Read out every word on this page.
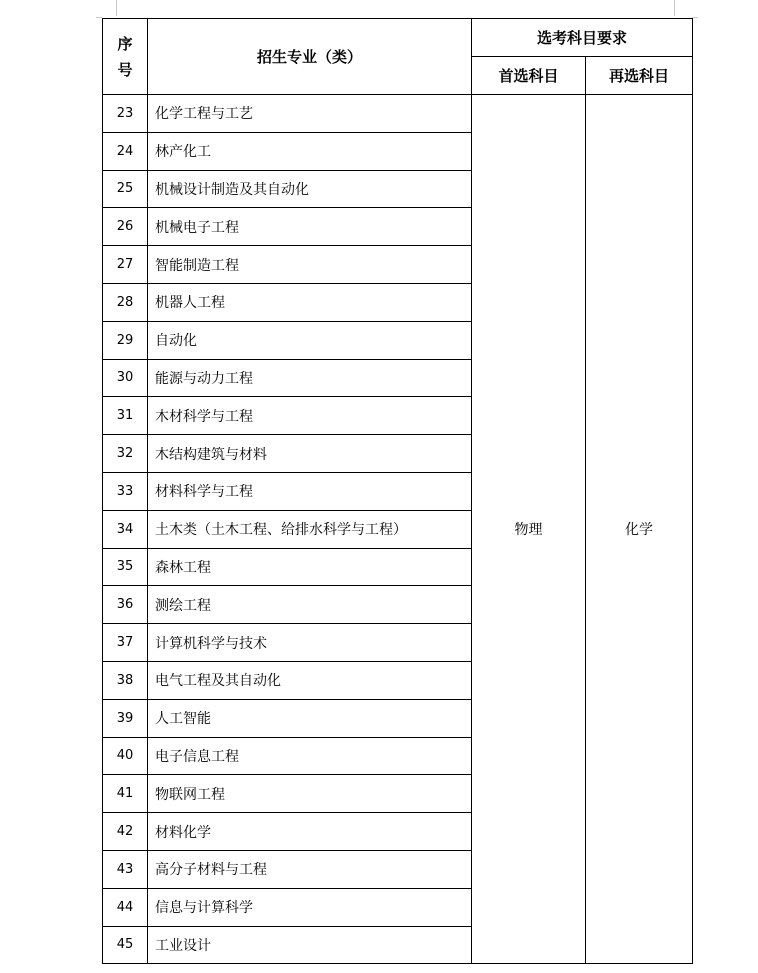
序号	招生专业（类）	选考科目要求	
		首选科目	再选科目
23	化学工程与工艺	物理	化学
24	林产化工		
25	机械设计制造及其自动化		
26	机械电子工程		
27	智能制造工程		
28	机器人工程		
29	自动化		
30	能源与动力工程		
31	木材科学与工程		
32	木结构建筑与材料		
33	材料科学与工程		
34	土木类（土木工程、给排水科学与工程）		
35	森林工程		
36	测绘工程		
37	计算机科学与技术		
38	电气工程及其自动化		
39	人工智能		
40	电子信息工程		
41	物联网工程		
42	材料化学		
43	高分子材料与工程		
44	信息与计算科学		
45	工业设计		
